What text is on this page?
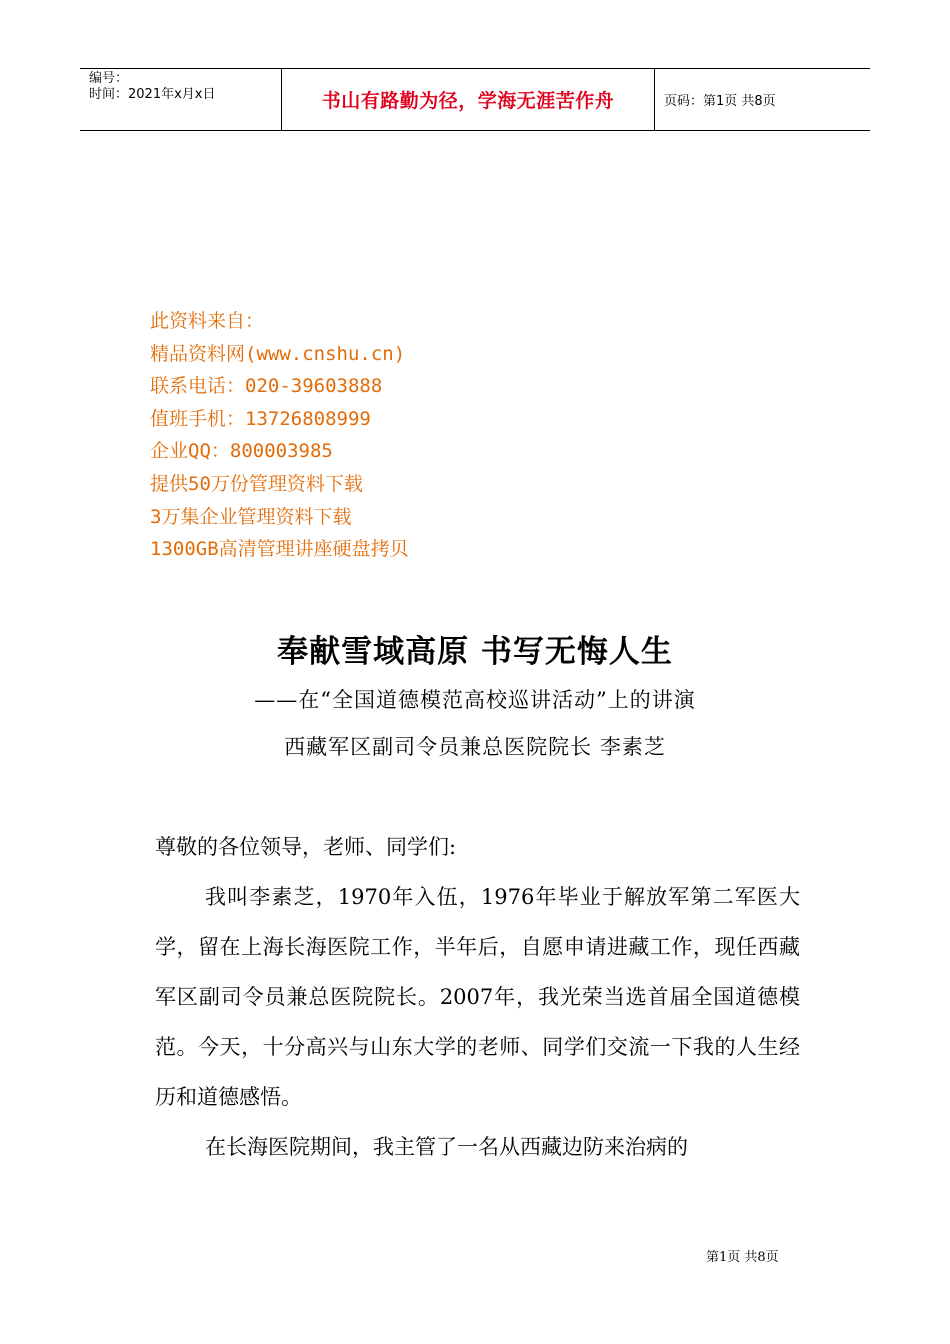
编号：
时间：2021年x月x日	书山有路勤为径，学海无涯苦作舟	页码：第1页 共8页
此资料来自：
精品资料网(www.cnshu.cn)
联系电话：020-39603888
值班手机：13726808999
企业QQ：800003985
提供50万份管理资料下载
3万集企业管理资料下载
1300GB高清管理讲座硬盘拷贝
奉献雪域高原 书写无悔人生
——在“全国道德模范高校巡讲活动”上的讲演
西藏军区副司令员兼总医院院长 李素芝

尊敬的各位领导，老师、同学们:

我叫李素芝，1970年入伍，1976年毕业于解放军第二军医大学，留在上海长海医院工作，半年后，自愿申请进藏工作，现任西藏军区副司令员兼总医院院长。2007年，我光荣当选首届全国道德模范。今天，十分高兴与山东大学的老师、同学们交流一下我的人生经历和道德感悟。

在长海医院期间，我主管了一名从西藏边防来治病的

第1页 共8页
